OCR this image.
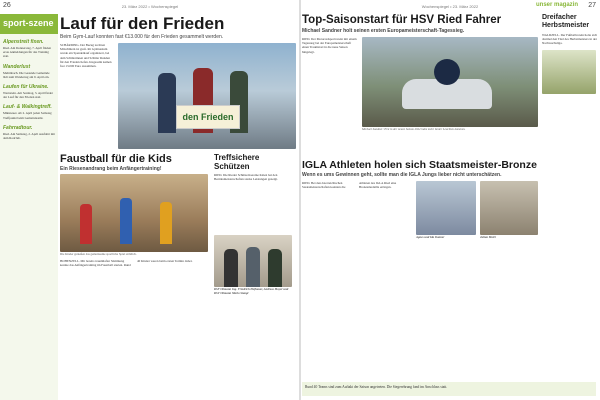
23. März 2022 • Wochenspiegel
26
sport-szene
Alpenstreit fixen.

Ried. Am Donnerstag, 7. April finden erste Anmeldungen für das Training statt.

Wanderlust

Mehrnbach. Die Gesunde Gemeinde lädt zum Wandertag am 9. April ein.

Laufen für Ukraine.

Wernstein. Am Sonntag, 3. April findet der Lauf für den Frieden statt.

Lauf- & Walkingtreff.

Münsteuer. Ab 2. April jeden Samstag Treffpunkt beim Gemeindeamt.

Fahrradtour.

Ried. Am Samstag, 2. April Ausfahrt mit dem Radclub.

Lauf für den Frieden
Beim Gym-Lauf konnten fast €13.000 für den Frieden gesammelt werden.
SCHÄRDING. Der Bezug zu ihren Mitschülern ist groß. Im Gymnasium wurde ein Spendenlauf organisiert, bei dem Schülerinnen und Schüler Runden für den Frieden liefen. Insgesamt kamen fast 13.000 Euro zusammen.
den Frieden
Faustball für die Kids
Ein Riesenandrang beim Anfängertraining!
Die Kinder genießen das gemeinsame sportliche Spiel sichtlich.
HOHENZELL. Mit bereits traumhafter Stimmung konnte das Anfängertraining im Faustball starten. Rund 40 Kinder waren beim ersten Termin dabei.
Treffsichere Schützen
RIED. Die Rieder Schützenvereine haben bei den Bezirksmeisterschaften starke Leistungen gezeigt.
RSF Obmann Ing. Friedrich Hofbauer, Andreas Mayer und RSV Obmann Mario Stangl
Wochenspiegel • 23. März 2022	unser magazin 27
Top-Saisonstart für HSV Ried Fahrer
Michael Sandner holt seinen ersten Europameisterschaft-Tagessieg.
RIED. Der Motorradsportverein mit einem Tagessieg bei der Europameisterschaft einen Traumstart in die neue Saison hingelegt.
Michael Sandner: Erst in der neuen Saison 2022 habe mehr bester Leuchten kommen.
IGLA Athleten holen sich Staatsmeister-Bronze
Wenn es ums Gewinnen geht, sollte man die IGLA Jungs lieber nicht unterschätzen.
RIED. Bei den österreichischen Staatsmeisterschaften konnten die Athleten des IGLA Ried eine Bronzemedaille erringen.
Agnes und Ida Danner	Julian Mairr
Dreifacher Herbstmeister

WALDZELL. Der Fußballverein holte sich dreimal den Titel des Herbstmeisters in der Nachwuchsliga.

Rund 40 Teams sind zum Auftakt der Saison angetreten. Die Siegerehrung fand im Anschluss statt.
